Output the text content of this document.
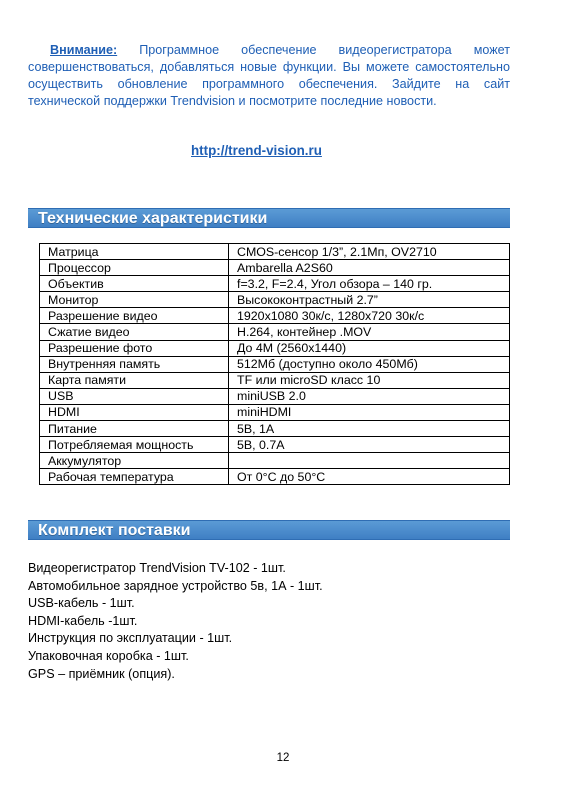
Внимание: Программное обеспечение видеорегистратора может совершенствоваться, добавляться новые функции. Вы можете самостоятельно осуществить обновление программного обеспечения. Зайдите на сайт технической поддержки Trendvision и посмотрите последние новости.

http://trend-vision.ru
Технические характеристики
Матрица	CMOS-сенсор 1/3”, 2.1Мп, OV2710
Процессор	Ambarella A2S60
Объектив	f=3.2, F=2.4, Угол обзора – 140 гр.
Монитор	Высококонтрастный 2.7”
Разрешение видео	1920x1080 30к/с, 1280x720 30к/с
Сжатие видео	H.264, контейнер .MOV
Разрешение фото	До 4М (2560x1440)
Внутренняя память	512Мб (доступно около 450Мб)
Карта памяти	TF или microSD класс 10
USB	miniUSB 2.0
HDMI	miniHDMI
Питание	5В, 1А
Потребляемая мощность	5В, 0.7А
Аккумулятор	
Рабочая температура	От 0°С до 50°С
Комплект поставки
Видеорегистратор TrendVision TV-102 - 1шт.
Автомобильное зарядное устройство 5в, 1А - 1шт.
USB-кабель - 1шт.
HDMI-кабель -1шт.
Инструкция по эксплуатации - 1шт.
Упаковочная коробка - 1шт.
GPS – приёмник (опция).
12
